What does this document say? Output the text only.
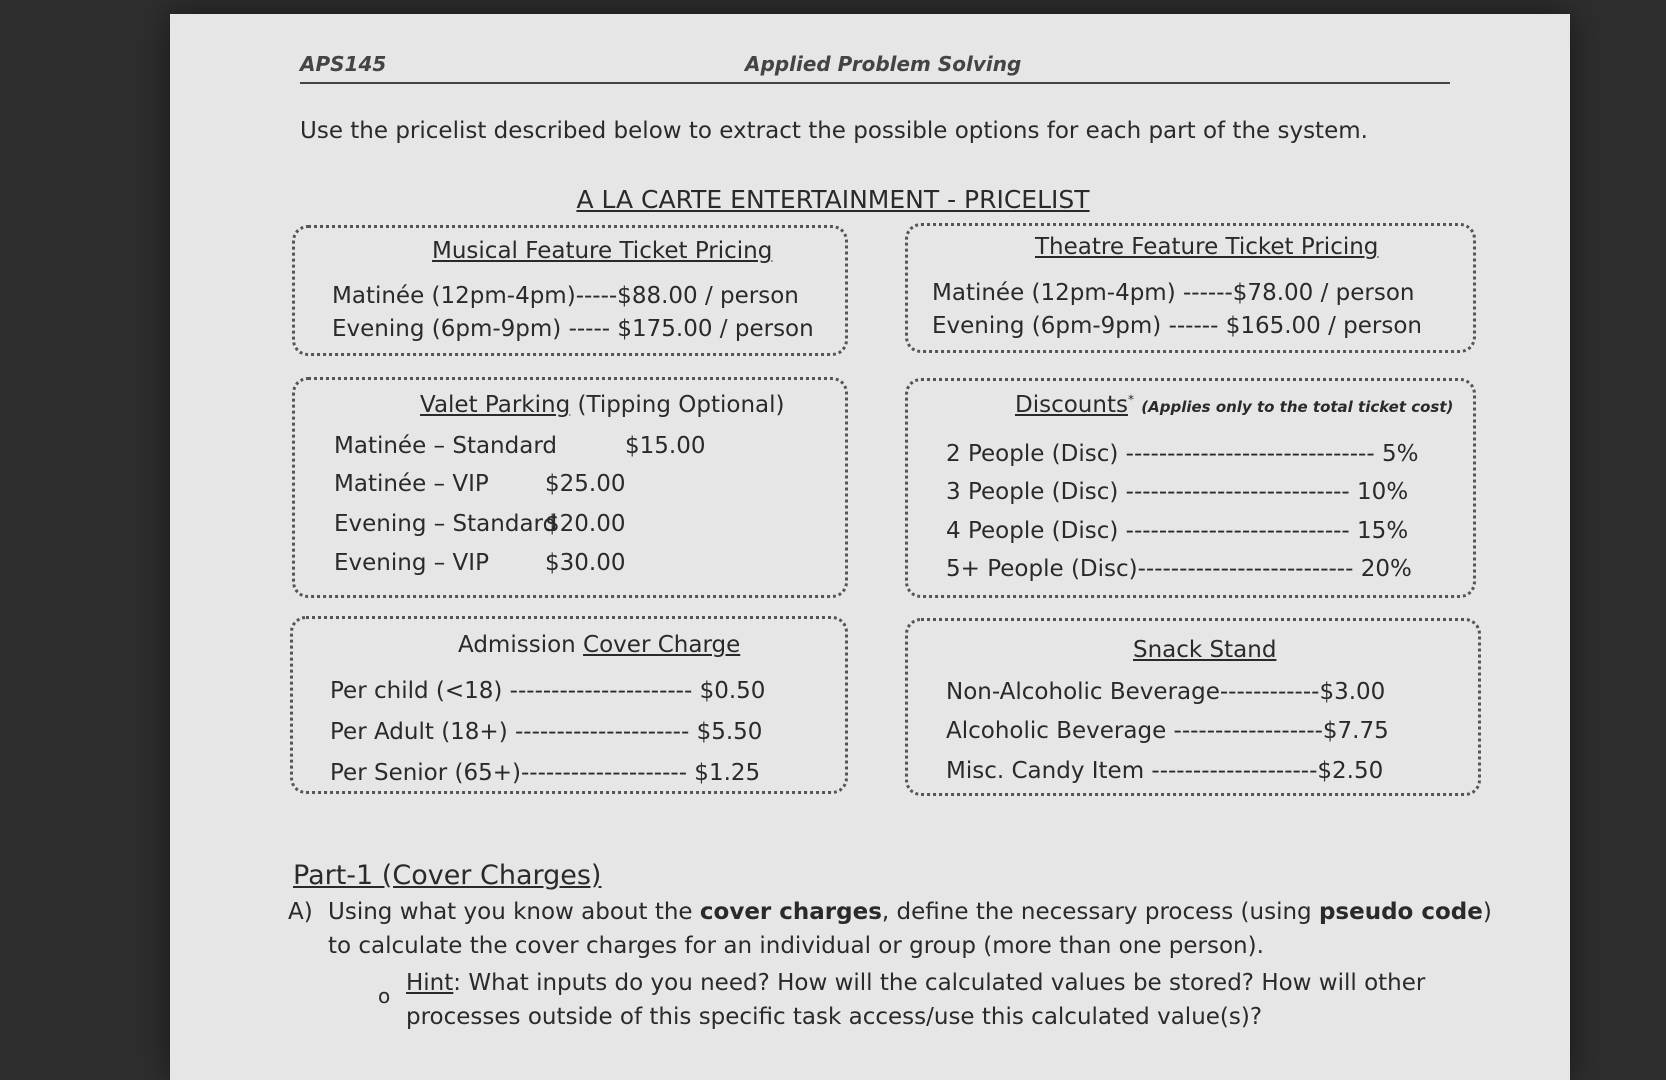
APS145	Applied Problem Solving
Use the pricelist described below to extract the possible options for each part of the system.
A LA CARTE ENTERTAINMENT - PRICELIST
Musical Feature Ticket Pricing
Matinée (12pm-4pm)-----$88.00 / person
Evening (6pm-9pm) ----- $175.00 / person
Theatre Feature Ticket Pricing
Matinée (12pm-4pm) ------$78.00 / person
Evening (6pm-9pm) ------ $165.00 / person
Valet Parking (Tipping Optional)
Matinée – Standard	$15.00
Matinée – VIP $25.00
Evening – Standard
$20.00
Evening – VIP $30.00
Discounts* (Applies only to the total ticket cost)
2 People (Disc) ------------------------------ 5%
3 People (Disc) --------------------------- 10%
4 People (Disc) --------------------------- 15%
5+ People (Disc)-------------------------- 20%
Admission Cover Charge
Per child (<18) ---------------------- $0.50
Per Adult (18+) --------------------- $5.50
Per Senior (65+)-------------------- $1.25
Snack Stand
Non-Alcoholic Beverage------------$3.00
Alcoholic Beverage ------------------$7.75
Misc. Candy Item --------------------$2.50
Part-1 (Cover Charges)
A) Using what you know about the cover charges, define the necessary process (using pseudo code)
to calculate the cover charges for an individual or group (more than one person).
o Hint: What inputs do you need? How will the calculated values be stored? How will other
processes outside of this specific task access/use this calculated value(s)?
